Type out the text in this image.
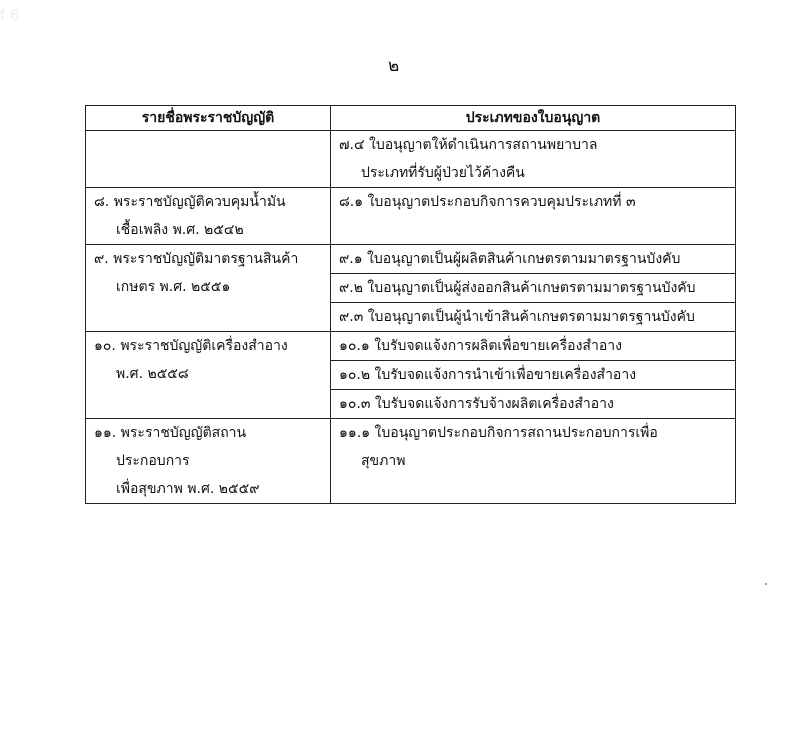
f 6
๒
รายชื่อพระราชบัญญัติ	ประเภทของใบอนุญาต

	๗.๔ ใบอนุญาตให้ดำเนินการสถานพยาบาล
ประเภทที่รับผู้ป่วยไว้ค้างคืน

๘. พระราชบัญญัติควบคุมน้ำมัน
เชื้อเพลิง พ.ศ. ๒๕๔๒	๘.๑ ใบอนุญาตประกอบกิจการควบคุมประเภทที่ ๓

๙. พระราชบัญญัติมาตรฐานสินค้า
เกษตร พ.ศ. ๒๕๕๑	๙.๑ ใบอนุญาตเป็นผู้ผลิตสินค้าเกษตรตามมาตรฐานบังคับ
	๙.๒ ใบอนุญาตเป็นผู้ส่งออกสินค้าเกษตรตามมาตรฐานบังคับ
	๙.๓ ใบอนุญาตเป็นผู้นำเข้าสินค้าเกษตรตามมาตรฐานบังคับ

๑๐. พระราชบัญญัติเครื่องสำอาง
พ.ศ. ๒๕๕๘	๑๐.๑ ใบรับจดแจ้งการผลิตเพื่อขายเครื่องสำอาง
	๑๐.๒ ใบรับจดแจ้งการนำเข้าเพื่อขายเครื่องสำอาง
	๑๐.๓ ใบรับจดแจ้งการรับจ้างผลิตเครื่องสำอาง

๑๑. พระราชบัญญัติสถาน
ประกอบการ
เพื่อสุขภาพ พ.ศ. ๒๕๕๙	๑๑.๑ ใบอนุญาตประกอบกิจการสถานประกอบการเพื่อ
สุขภาพ
